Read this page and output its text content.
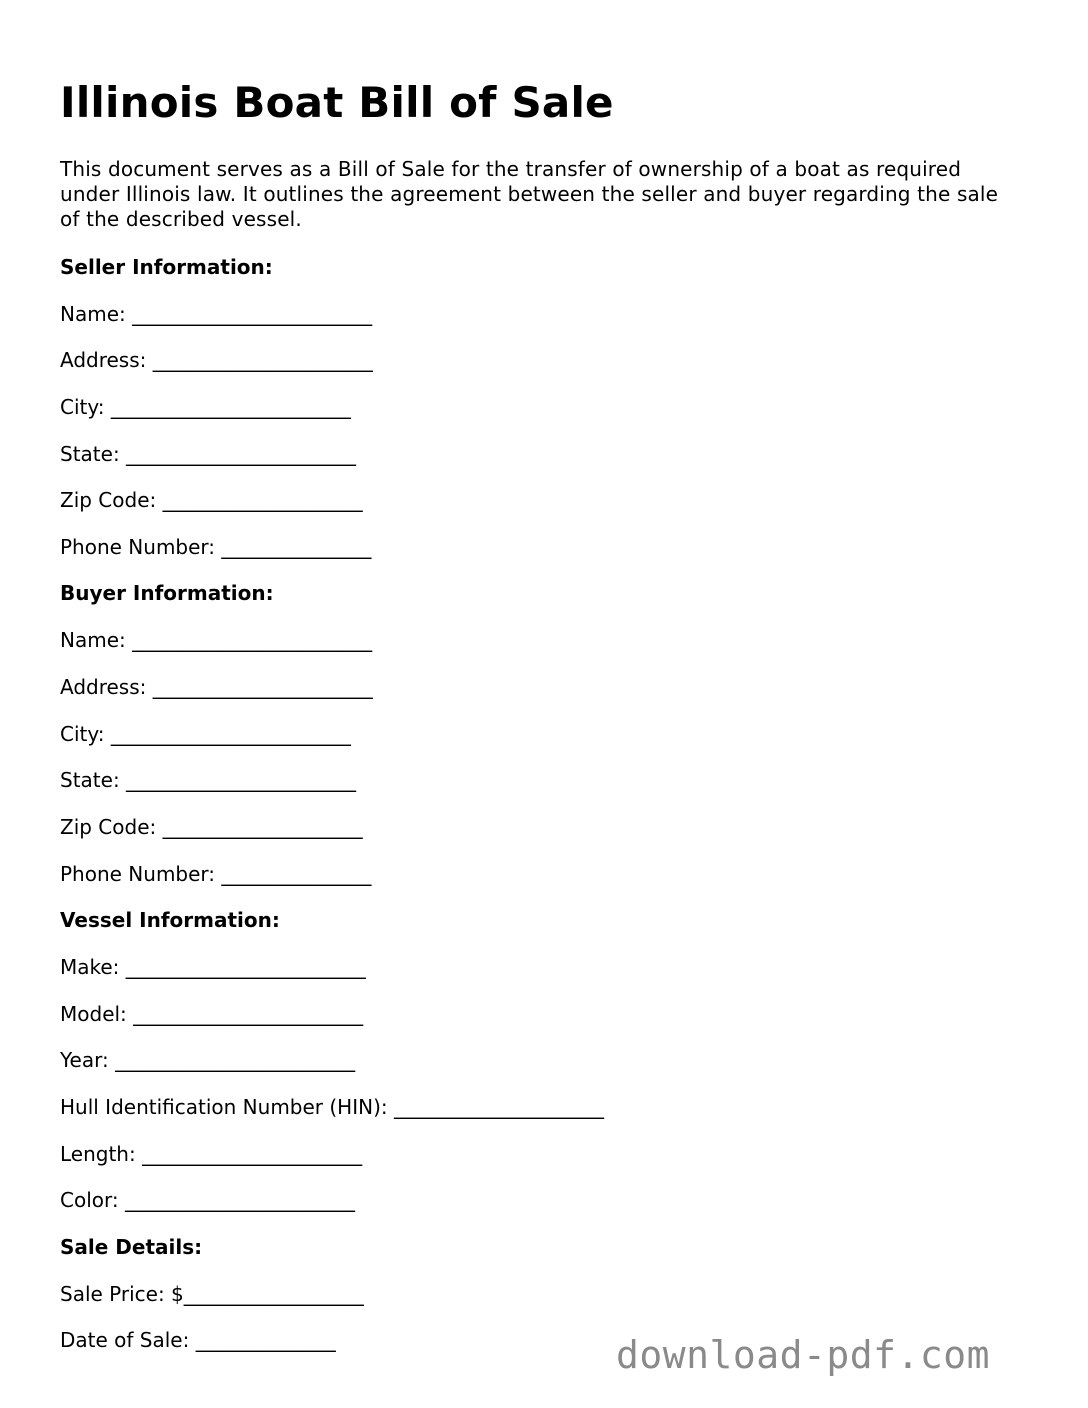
Illinois Boat Bill of Sale

This document serves as a Bill of Sale for the transfer of ownership of a boat as required under Illinois law. It outlines the agreement between the seller and buyer regarding the sale of the described vessel.

Seller Information:
Name: ________________________
Address: ______________________
City: ________________________
State: _______________________
Zip Code: ____________________
Phone Number: _______________
Buyer Information:
Name: ________________________
Address: ______________________
City: ________________________
State: _______________________
Zip Code: ____________________
Phone Number: _______________
Vessel Information:
Make: ________________________
Model: _______________________
Year: ________________________
Hull Identification Number (HIN): _____________________
Length: ______________________
Color: _______________________
Sale Details:
Sale Price: $__________________
Date of Sale: ______________	download-pdf.com
